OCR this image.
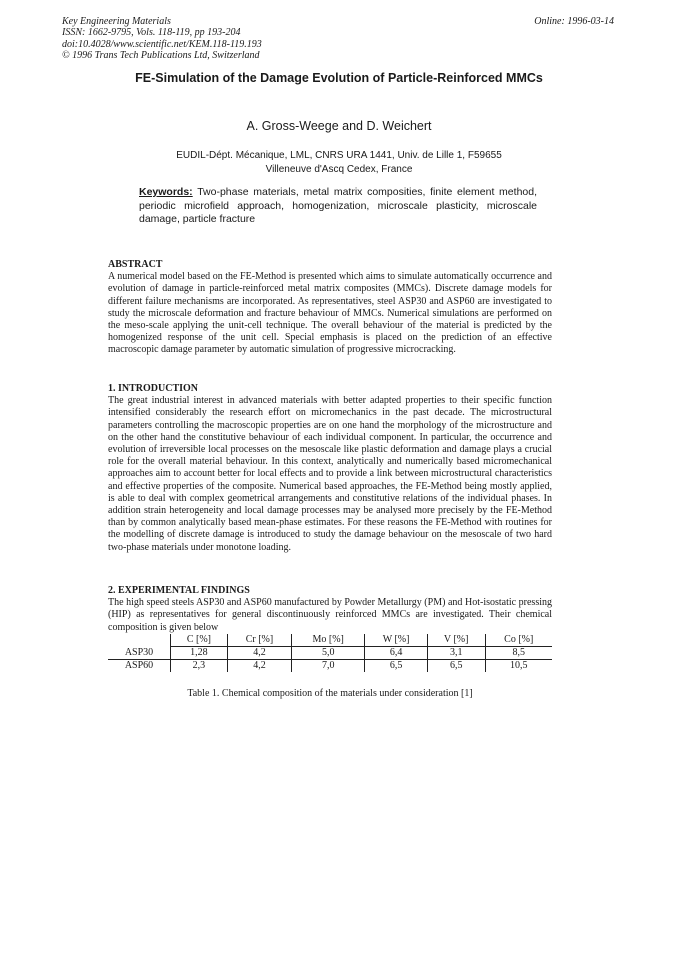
Key Engineering Materials
ISSN: 1662-9795, Vols. 118-119, pp 193-204
doi:10.4028/www.scientific.net/KEM.118-119.193
© 1996 Trans Tech Publications Ltd, Switzerland
Online: 1996-03-14
FE-Simulation of the Damage Evolution of Particle-Reinforced MMCs
A. Gross-Weege and D. Weichert
EUDIL-Dépt. Mécanique, LML, CNRS URA 1441, Univ. de Lille 1, F59655
Villeneuve d'Ascq Cedex, France
Keywords: Two-phase materials, metal matrix composities, finite element method, periodic microfield approach, homogenization, microscale plasticity, microscale damage, particle fracture
ABSTRACT

A numerical model based on the FE-Method is presented which aims to simulate automatically occurrence and evolution of damage in particle-reinforced metal matrix composites (MMCs). Discrete damage models for different failure mechanisms are incorporated. As representatives, steel ASP30 and ASP60 are investigated to study the microscale deformation and fracture behaviour of MMCs. Numerical simulations are performed on the meso-scale applying the unit-cell technique. The overall behaviour of the material is predicted by the homogenized response of the unit cell. Special emphasis is placed on the prediction of an effective macroscopic damage parameter by automatic simulation of progressive microcracking.

1. INTRODUCTION

The great industrial interest in advanced materials with better adapted properties to their specific function intensified considerably the research effort on micromechanics in the past decade. The microstructural parameters controlling the macroscopic properties are on one hand the morphology of the microstructure and on the other hand the constitutive behaviour of each individual component. In particular, the occurrence and evolution of irreversible local processes on the mesoscale like plastic deformation and damage plays a crucial role for the overall material behaviour. In this context, analytically and numerically based micromechanical approaches aim to account better for local effects and to provide a link between microstructural characteristics and effective properties of the composite. Numerical based approaches, the FE-Method being mostly applied, is able to deal with complex geometrical arrangements and constitutive relations of the individual phases. In addition strain heterogeneity and local damage processes may be analysed more precisely by the FE-Method than by common analytically based mean-phase estimates. For these reasons the FE-Method with routines for the modelling of discrete damage is introduced to study the damage behaviour on the mesoscale of two hard two-phase materials under monotone loading.

2. EXPERIMENTAL FINDINGS

The high speed steels ASP30 and ASP60 manufactured by Powder Metallurgy (PM) and Hot-isostatic pressing (HIP) as representatives for general discontinuously reinforced MMCs are investigated. Their chemical composition is given below

	C [%]	Cr [%]	Mo [%]	W [%]	V [%]	Co [%]
ASP30	1,28	4,2	5,0	6,4	3,1	8,5
ASP60	2,3	4,2	7,0	6,5	6,5	10,5
Table 1. Chemical composition of the materials under consideration [1]
